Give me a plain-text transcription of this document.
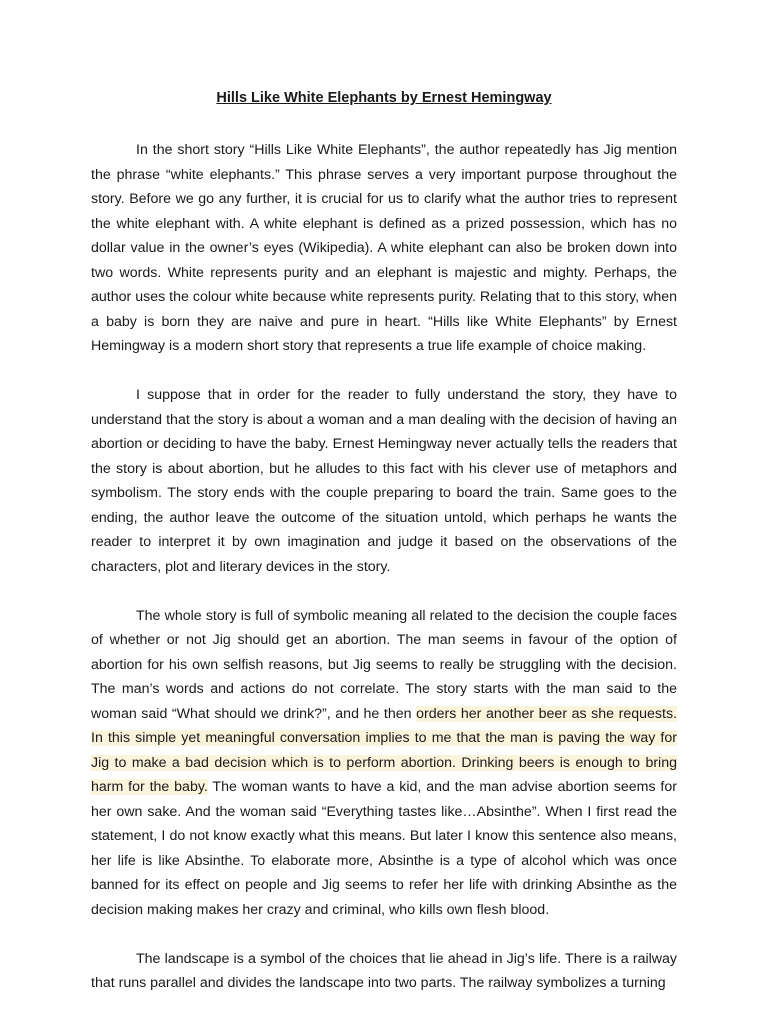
Hills Like White Elephants by Ernest Hemingway

In the short story “Hills Like White Elephants”, the author repeatedly has Jig mention the phrase “white elephants.” This phrase serves a very important purpose throughout the story. Before we go any further, it is crucial for us to clarify what the author tries to represent the white elephant with. A white elephant is defined as a prized possession, which has no dollar value in the owner’s eyes (Wikipedia). A white elephant can also be broken down into two words. White represents purity and an elephant is majestic and mighty. Perhaps, the author uses the colour white because white represents purity. Relating that to this story, when a baby is born they are naive and pure in heart. “Hills like White Elephants” by Ernest Hemingway is a modern short story that represents a true life example of choice making.

I suppose that in order for the reader to fully understand the story, they have to understand that the story is about a woman and a man dealing with the decision of having an abortion or deciding to have the baby. Ernest Hemingway never actually tells the readers that the story is about abortion, but he alludes to this fact with his clever use of metaphors and symbolism. The story ends with the couple preparing to board the train. Same goes to the ending, the author leave the outcome of the situation untold, which perhaps he wants the reader to interpret it by own imagination and judge it based on the observations of the characters, plot and literary devices in the story.

The whole story is full of symbolic meaning all related to the decision the couple faces of whether or not Jig should get an abortion. The man seems in favour of the option of abortion for his own selfish reasons, but Jig seems to really be struggling with the decision. The man’s words and actions do not correlate. The story starts with the man said to the woman said “What should we drink?”, and he then orders her another beer as she requests. In this simple yet meaningful conversation implies to me that the man is paving the way for Jig to make a bad decision which is to perform abortion. Drinking beers is enough to bring harm for the baby. The woman wants to have a kid, and the man advise abortion seems for her own sake. And the woman said “Everything tastes like…Absinthe”. When I first read the statement, I do not know exactly what this means. But later I know this sentence also means, her life is like Absinthe. To elaborate more, Absinthe is a type of alcohol which was once banned for its effect on people and Jig seems to refer her life with drinking Absinthe as the decision making makes her crazy and criminal, who kills own flesh blood.

The landscape is a symbol of the choices that lie ahead in Jig’s life. There is a railway that runs parallel and divides the landscape into two parts. The railway symbolizes a turning
